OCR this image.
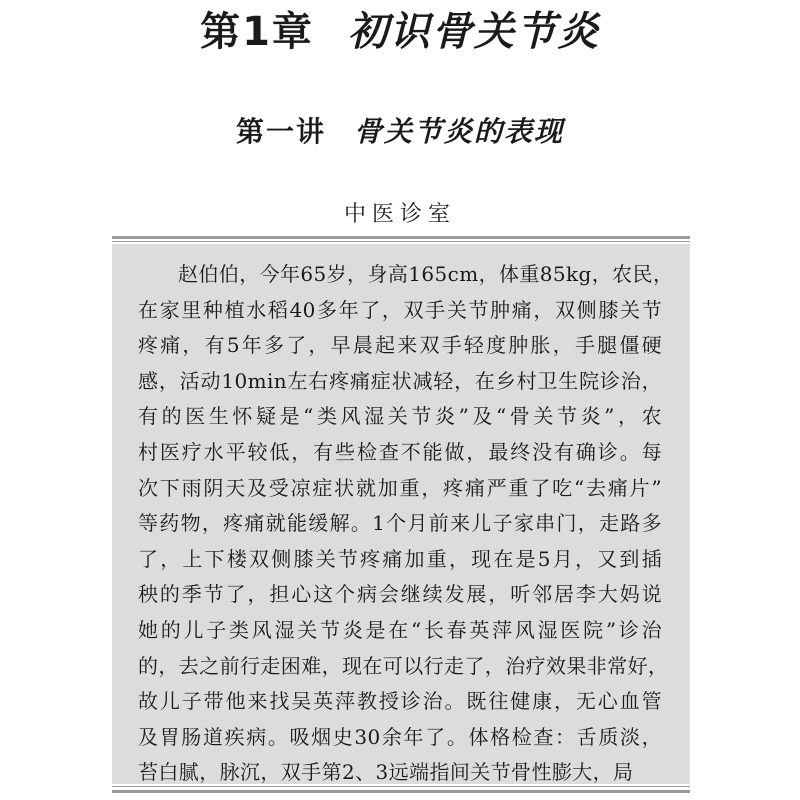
第1章 初识骨关节炎
第一讲 骨关节炎的表现
中医诊室
赵伯伯，今年65岁，身高165cm，体重85kg，农民，
在家里种植水稻40多年了，双手关节肿痛，双侧膝关节
疼痛，有5年多了，早晨起来双手轻度肿胀，手腿僵硬
感，活动10min左右疼痛症状减轻，在乡村卫生院诊治，
有的医生怀疑是“类风湿关节炎”及“骨关节炎”，农
村医疗水平较低，有些检查不能做，最终没有确诊。每
次下雨阴天及受凉症状就加重，疼痛严重了吃“去痛片”
等药物，疼痛就能缓解。1个月前来儿子家串门，走路多
了，上下楼双侧膝关节疼痛加重，现在是5月，又到插
秧的季节了，担心这个病会继续发展，听邻居李大妈说
她的儿子类风湿关节炎是在“长春英萍风湿医院”诊治
的，去之前行走困难，现在可以行走了，治疗效果非常好，
故儿子带他来找吴英萍教授诊治。既往健康，无心血管
及胃肠道疾病。吸烟史30余年了。体格检查：舌质淡，
苔白腻，脉沉，双手第2、3远端指间关节骨性膨大，局
